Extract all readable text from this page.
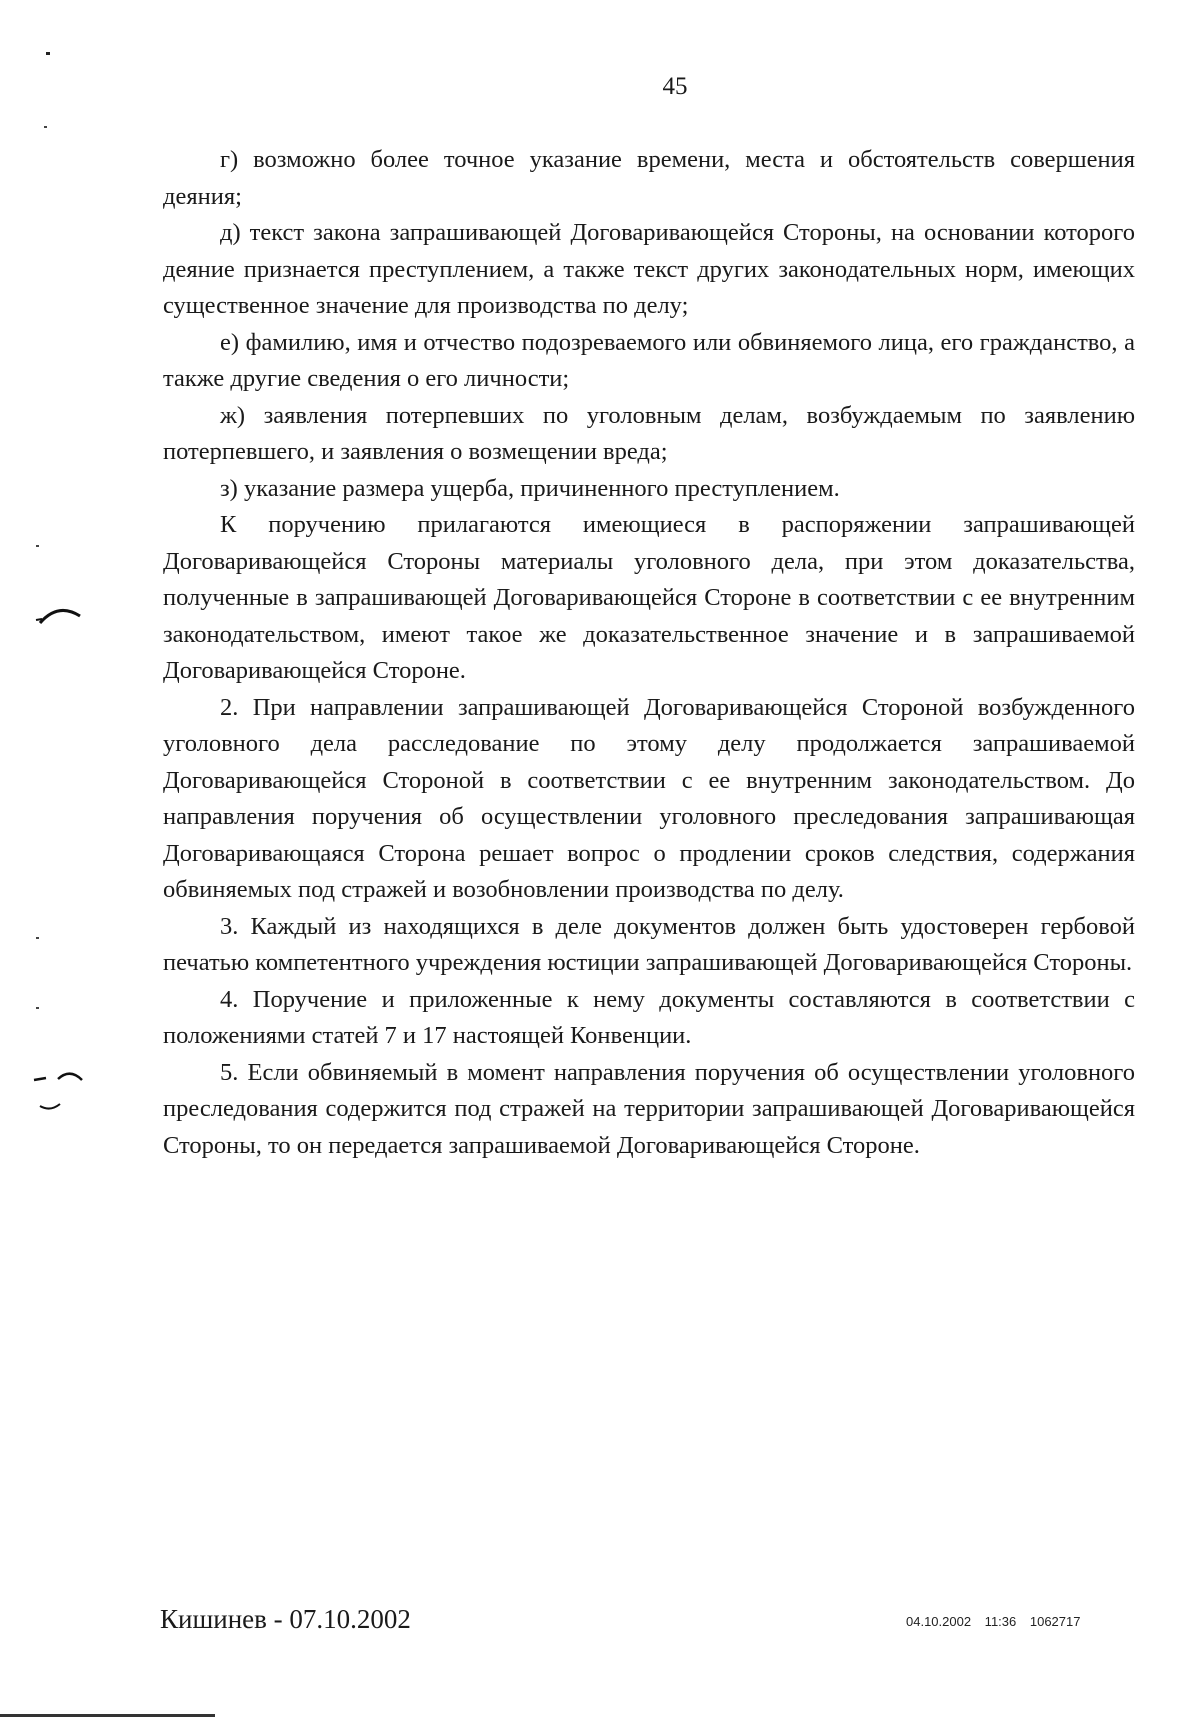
45

г) возможно более точное указание времени, места и обстоятельств совершения деяния;

д) текст закона запрашивающей Договаривающейся Стороны, на основании которого деяние признается преступлением, а также текст других законодательных норм, имеющих существенное значение для производства по делу;

е) фамилию, имя и отчество подозреваемого или обвиняемого лица, его гражданство, а также другие сведения о его личности;

ж) заявления потерпевших по уголовным делам, возбуждаемым по заявлению потерпевшего, и заявления о возмещении вреда;

з) указание размера ущерба, причиненного преступлением.

К поручению прилагаются имеющиеся в распоряжении запрашивающей Договаривающейся Стороны материалы уголовного дела, при этом доказательства, полученные в запрашивающей Договаривающейся Стороне в соответствии с ее внутренним законодательством, имеют такое же доказательственное значение и в запрашиваемой Договаривающейся Стороне.

2. При направлении запрашивающей Договаривающейся Стороной возбужденного уголовного дела расследование по этому делу продолжается запрашиваемой Договаривающейся Стороной в соответствии с ее внутренним законодательством. До направления поручения об осуществлении уголовного преследования запрашивающая Договаривающаяся Сторона решает вопрос о продлении сроков следствия, содержания обвиняемых под стражей и возобновлении производства по делу.

3. Каждый из находящихся в деле документов должен быть удостоверен гербовой печатью компетентного учреждения юстиции запрашивающей Договаривающейся Стороны.

4. Поручение и приложенные к нему документы составляются в соответствии с положениями статей 7 и 17 настоящей Конвенции.

5. Если обвиняемый в момент направления поручения об осуществлении уголовного преследования содержится под стражей на территории запрашивающей Договаривающейся Стороны, то он передается запрашиваемой Договаривающейся Стороне.

Кишинев - 07.10.2002	04.10.2002 11:36 1062717
